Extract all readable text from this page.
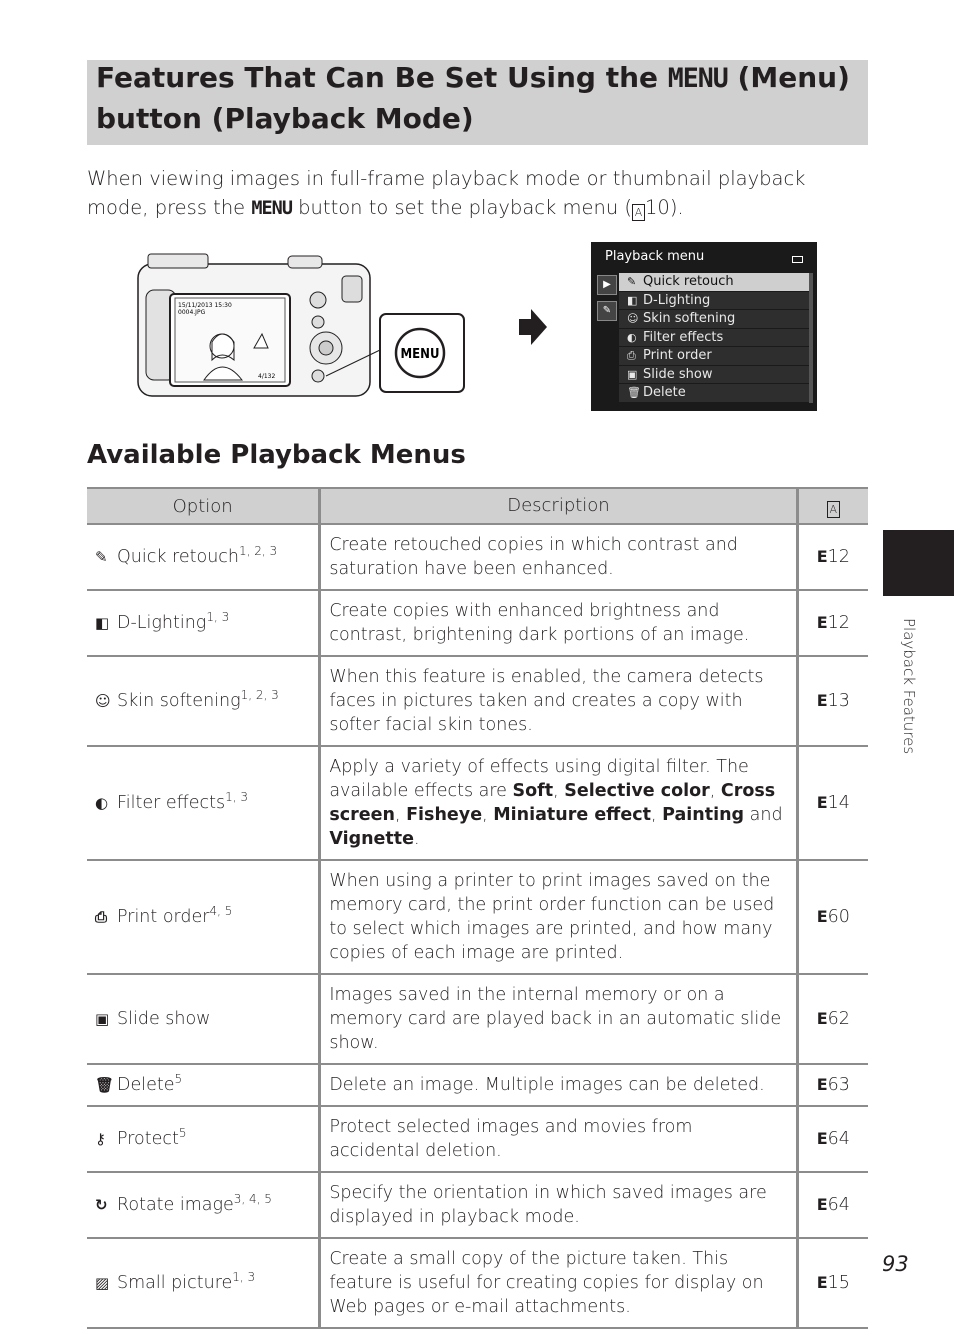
Features That Can Be Set Using the MENU (Menu) button (Playback Mode)

When viewing images in full-frame playback mode or thumbnail playback mode, press the MENU button to set the playback menu ( A 10).

15/11/2013 15:30
0004.JPG
4/132
MENU
Playback menu
▶
✎
✎ Quick retouch
◧ D-Lighting
☺ Skin softening
◐ Filter effects
⎙ Print order
▣ Slide show
🗑 Delete
Available Playback Menus
Option	Description	A
✎ Quick retouch$^{1, 2, 3}$	Create retouched copies in which contrast and saturation have been enhanced.	E12
◧ D-Lighting$^{1, 3}$	Create copies with enhanced brightness and contrast, brightening dark portions of an image.	E12
☺ Skin softening$^{1, 2, 3}$	When this feature is enabled, the camera detects faces in pictures taken and creates a copy with softer facial skin tones.	E13
◐ Filter effects$^{1, 3}$	Apply a variety of effects using digital filter. The available effects are Soft, Selective color, Cross screen, Fisheye, Miniature effect, Painting and Vignette.	E14
⎙ Print order$^{4, 5}$	When using a printer to print images saved on the memory card, the print order function can be used to select which images are printed, and how many copies of each image are printed.	E60
▣ Slide show	Images saved in the internal memory or on a memory card are played back in an automatic slide show.	E62
🗑 Delete$^5$	Delete an image. Multiple images can be deleted.	E63
⚷ Protect$^5$	Protect selected images and movies from accidental deletion.	E64
↻ Rotate image$^{3, 4, 5}$	Specify the orientation in which saved images are displayed in playback mode.	E64
▨ Small picture$^{1, 3}$	Create a small copy of the picture taken. This feature is useful for creating copies for display on Web pages or e-mail attachments.	E15
Playback Features
93
